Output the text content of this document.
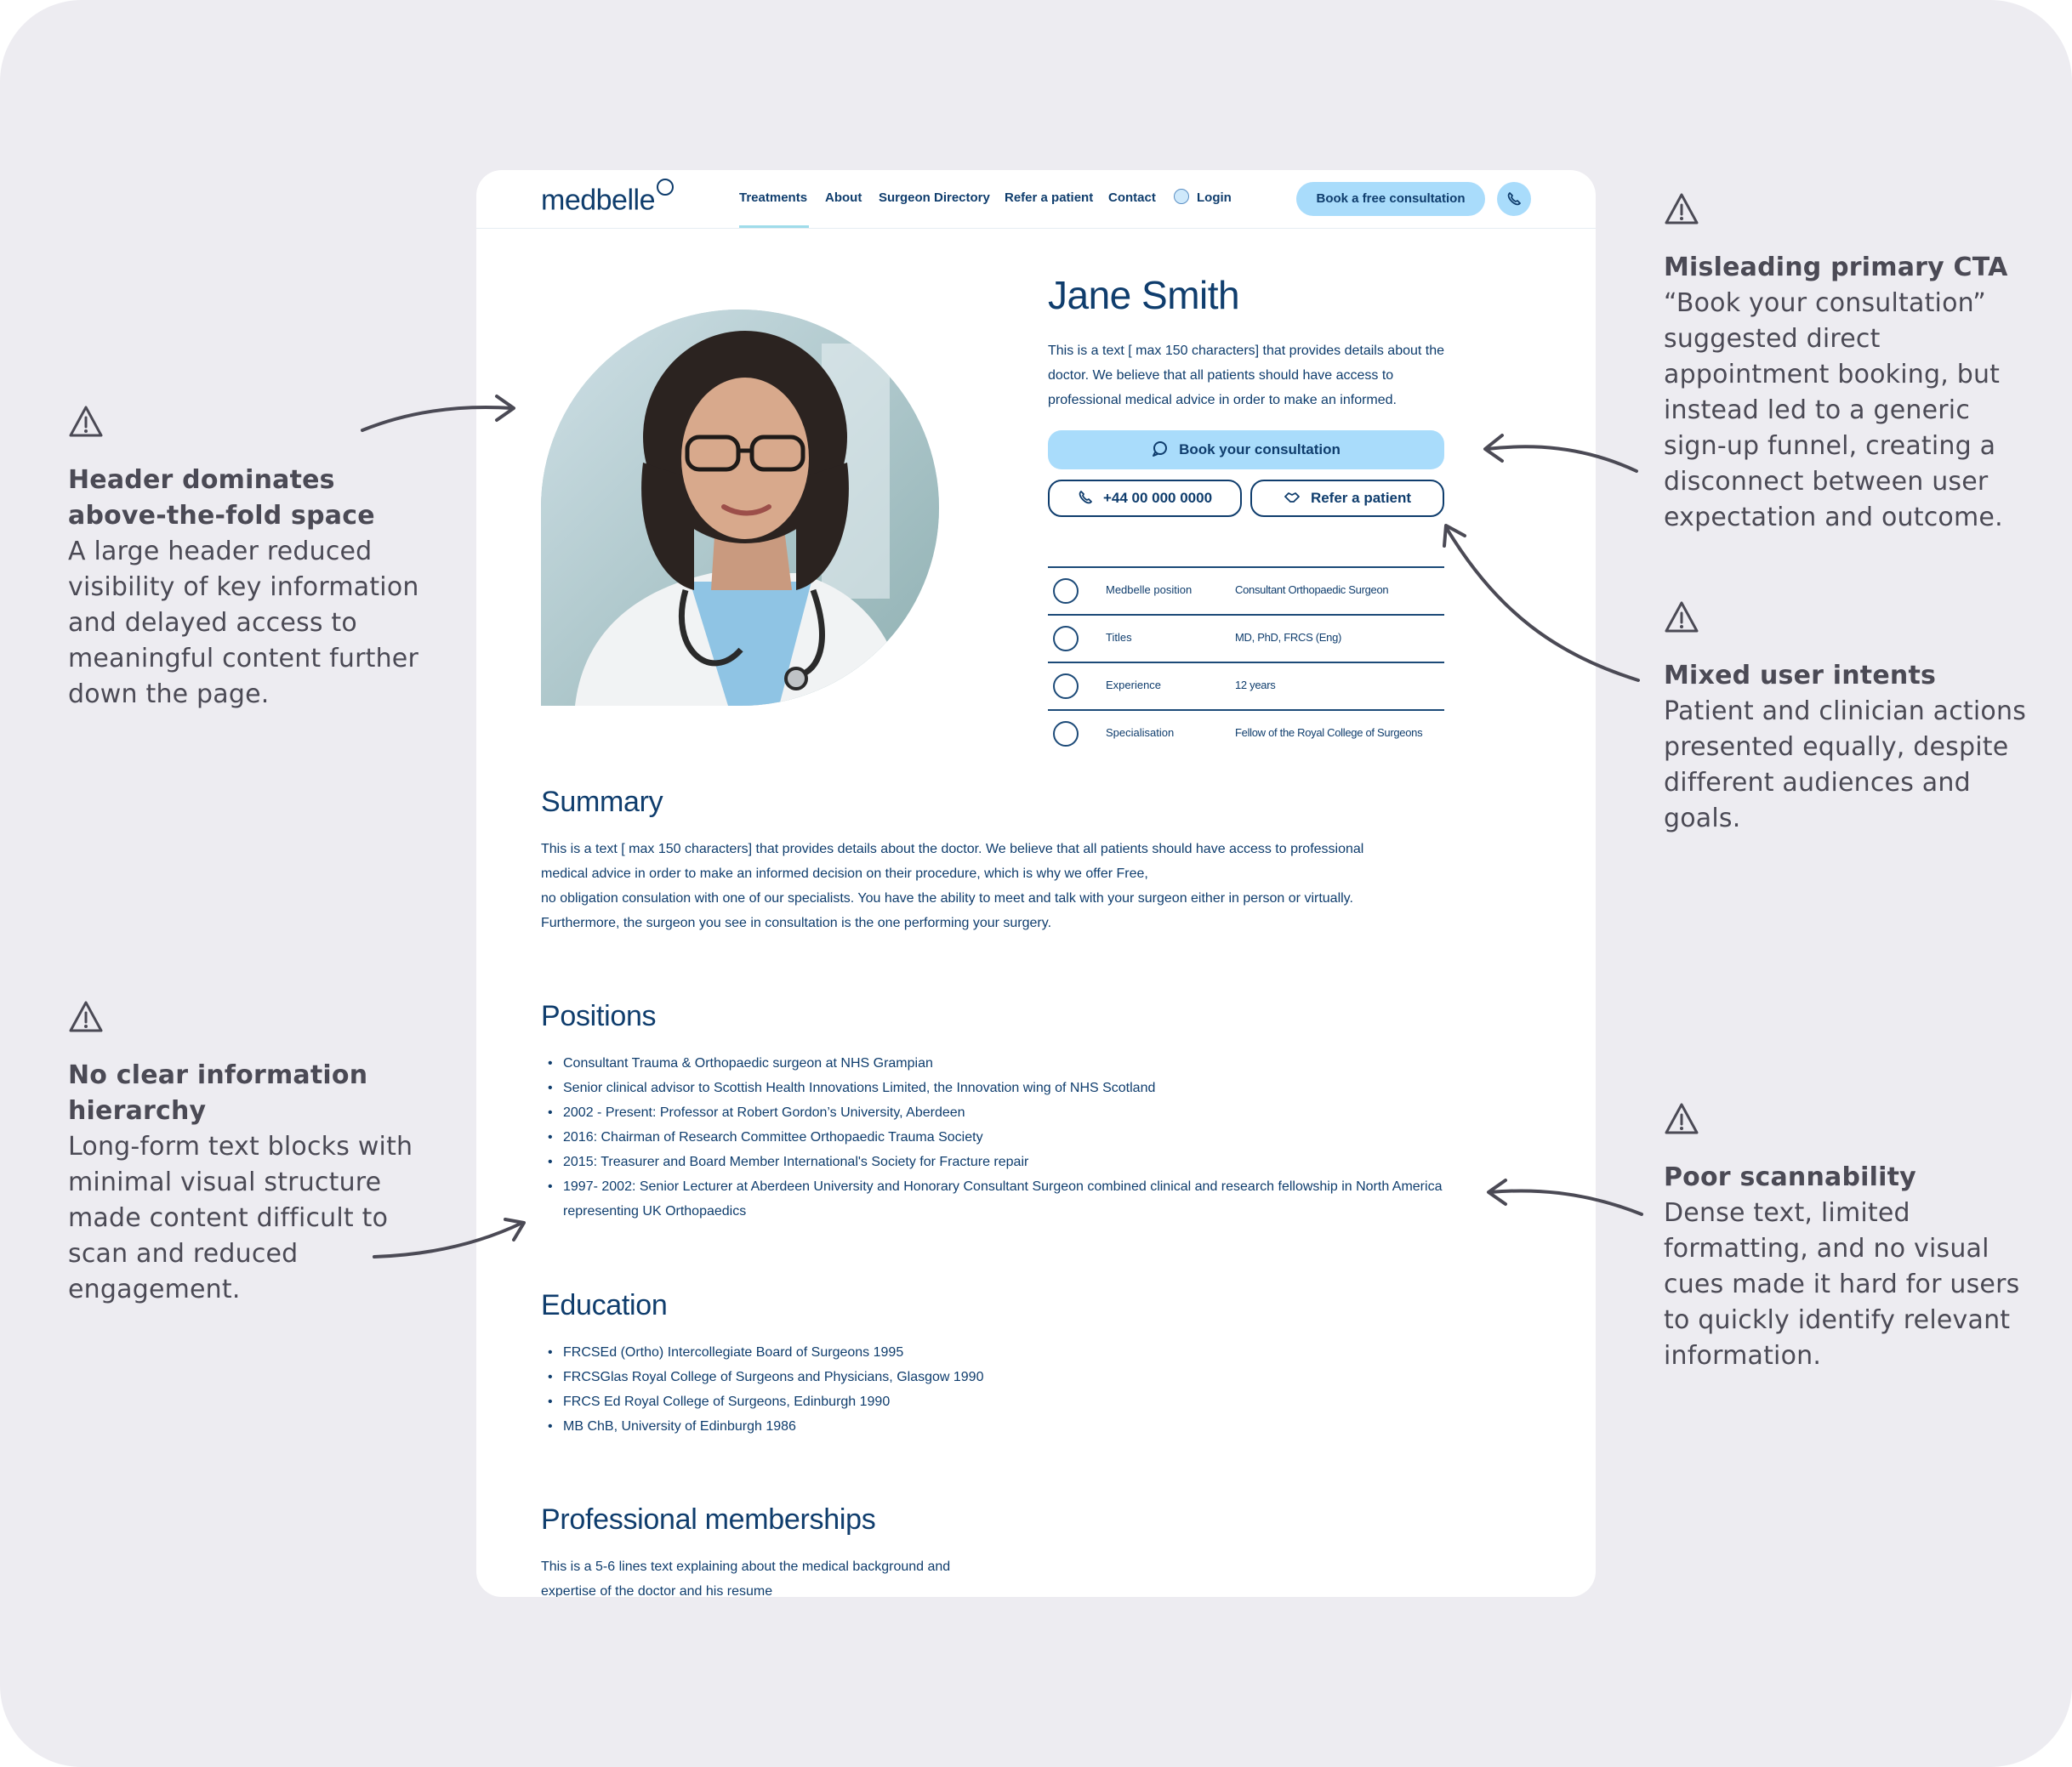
Header dominates above-the-fold space
A large header reduced visibility of key information and delayed access to meaningful content further down the page.
No clear information hierarchy
Long-form text blocks with minimal visual structure made content difficult to scan and reduced engagement.
Misleading primary CTA
“Book your consultation” suggested direct appointment booking, but instead led to a generic sign-up funnel, creating a disconnect between user expectation and outcome.
Mixed user intents
Patient and clinician actions presented equally, despite different audiences and goals.
Poor scannability
Dense text, limited formatting, and no visual cues made it hard for users to quickly identify relevant information.
medbelle	Treatments About Surgeon Directory Refer a patient Contact	Login	Book a free consultation
Jane Smith
This is a text [ max 150 characters] that provides details about the doctor. We believe that all patients should have access to professional medical advice in order to make an informed.
Book your consultation
+44 00 000 0000	Refer a patient
Medbelle position	Consultant Orthopaedic Surgeon
Titles	MD, PhD, FRCS (Eng)
Experience	12 years
Specialisation	Fellow of the Royal College of Surgeons
Summary
This is a text [ max 150 characters] that provides details about the doctor. We believe that all patients should have access to professional
medical advice in order to make an informed decision on their procedure, which is why we offer Free,
no obligation consulation with one of our specialists. You have the ability to meet and talk with your surgeon either in person or virtually.
Furthermore, the surgeon you see in consultation is the one performing your surgery.
Positions
• Consultant Trauma & Orthopaedic surgeon at NHS Grampian
• Senior clinical advisor to Scottish Health Innovations Limited, the Innovation wing of NHS Scotland
• 2002 - Present: Professor at Robert Gordon’s University, Aberdeen
• 2016: Chairman of Research Committee Orthopaedic Trauma Society
• 2015: Treasurer and Board Member International's Society for Fracture repair
• 1997- 2002: Senior Lecturer at Aberdeen University and Honorary Consultant Surgeon combined clinical and research fellowship in North America representing UK Orthopaedics
Education
• FRCSEd (Ortho) Intercollegiate Board of Surgeons 1995
• FRCSGlas Royal College of Surgeons and Physicians, Glasgow 1990
• FRCS Ed Royal College of Surgeons, Edinburgh 1990
• MB ChB, University of Edinburgh 1986
Professional memberships
This is a 5-6 lines text explaining about the medical background and
expertise of the doctor and his resume
